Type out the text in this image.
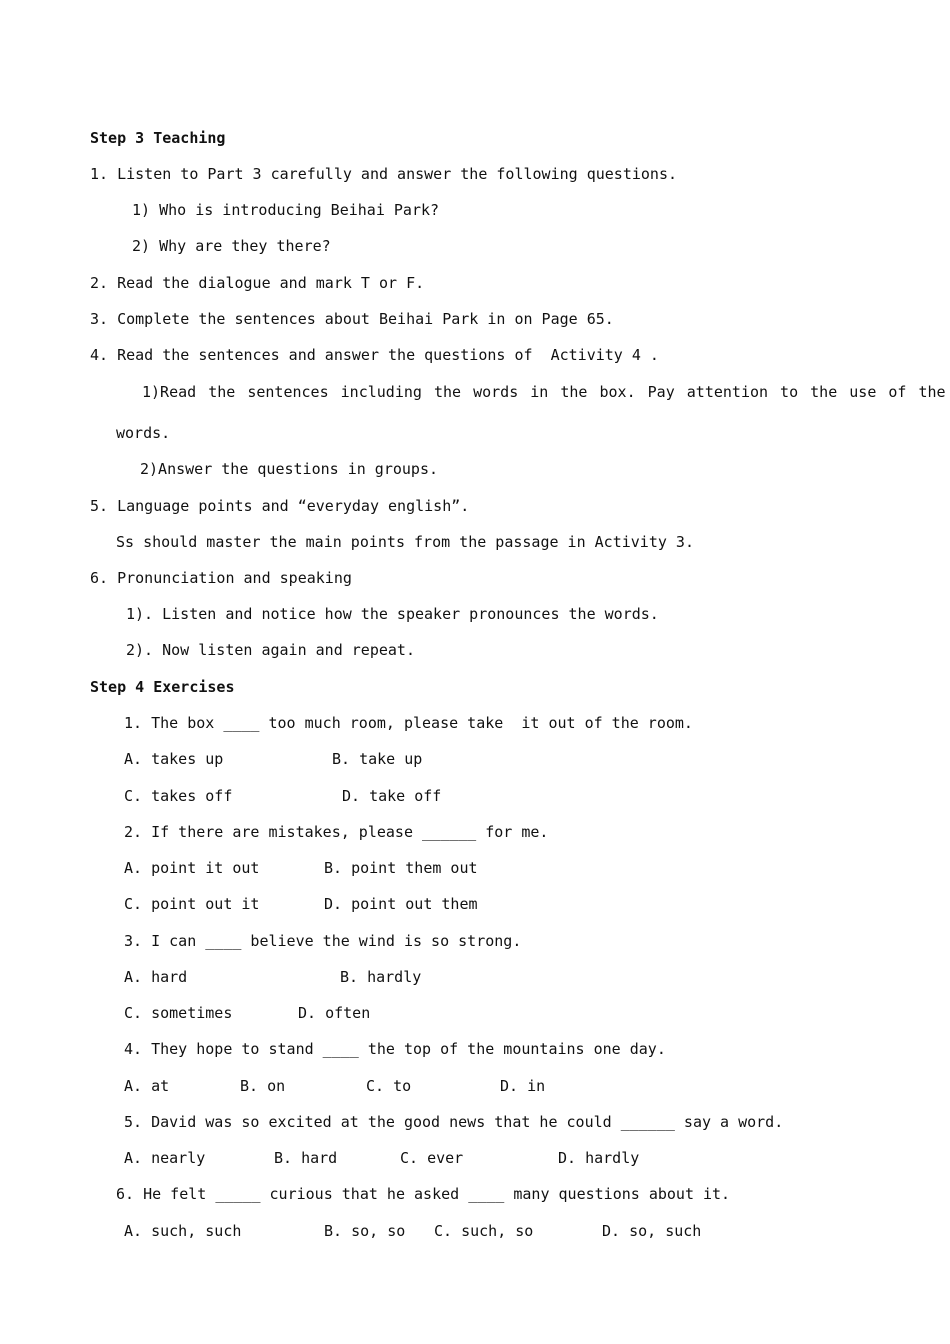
Step 3 Teaching
1. Listen to Part 3 carefully and answer the following questions.
1) Who is introducing Beihai Park?
2) Why are they there?
2. Read the dialogue and mark T or F.
3. Complete the sentences about Beihai Park in on Page 65.
4. Read the sentences and answer the questions of  Activity 4 .
1)Read the sentences including the words in the box. Pay attention to the use of the
words.
2)Answer the questions in groups.
5. Language points and “everyday english”.
Ss should master the main points from the passage in Activity 3.
6. Pronunciation and speaking
1). Listen and notice how the speaker pronounces the words.
2). Now listen again and repeat.
Step 4 Exercises
1. The box ____ too much room, please take  it out of the room.
A. takes up	B. take up
C. takes off	D. take off
2. If there are mistakes, please ______ for me.
A. point it out	B. point them out
C. point out it	D. point out them
3. I can ____ believe the wind is so strong.
A. hard	B. hardly
C. sometimes	D. often
4. They hope to stand ____ the top of the mountains one day.
A. at	B. on	C. to	D. in
5. David was so excited at the good news that he could ______ say a word.
A. nearly	B. hard	C. ever	D. hardly
6. He felt _____ curious that he asked ____ many questions about it.
A. such, such	B. so, so C. such, so	D. so, such
